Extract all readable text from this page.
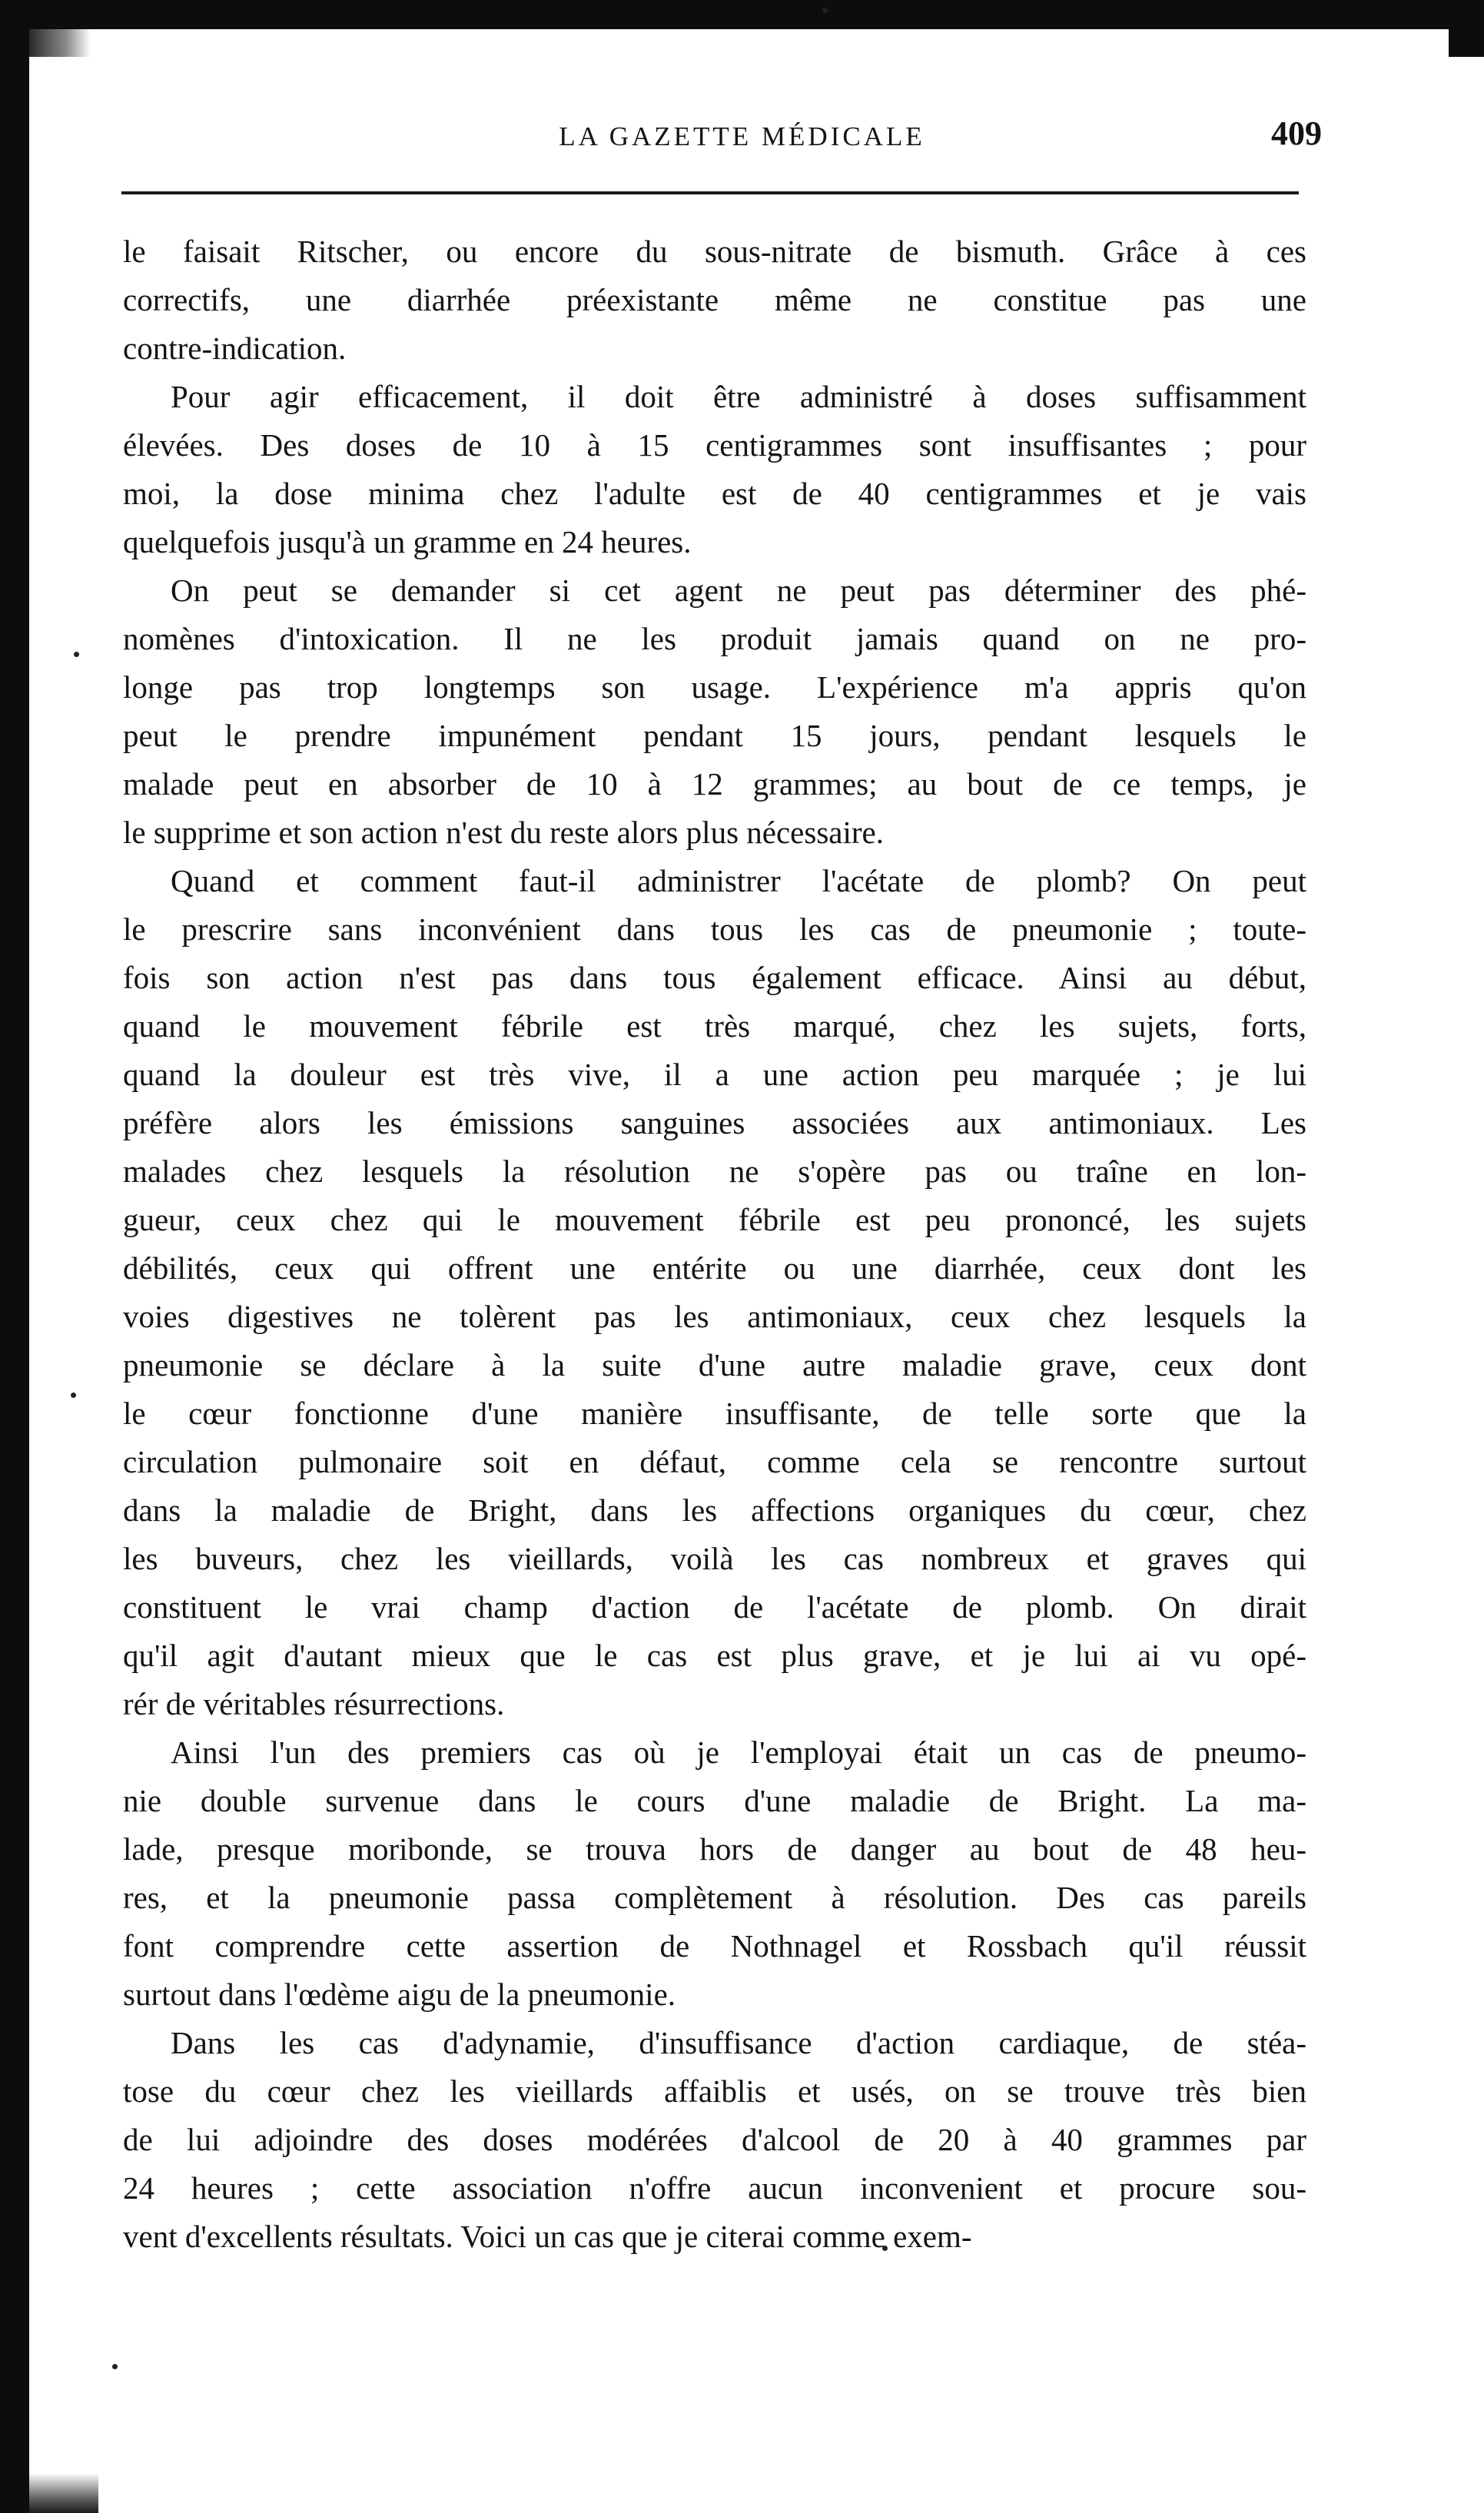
LA GAZETTE MÉDICALE	409
le faisait Ritscher, ou encore du sous-nitrate de bismuth. Grâce à ces
correctifs, une diarrhée préexistante même ne constitue pas une
contre-indication.
Pour agir efficacement, il doit être administré à doses suffisamment
élevées. Des doses de 10 à 15 centigrammes sont insuffisantes ; pour
moi, la dose minima chez l'adulte est de 40 centigrammes et je vais
quelquefois jusqu'à un gramme en 24 heures.
On peut se demander si cet agent ne peut pas déterminer des phé-
nomènes d'intoxication. Il ne les produit jamais quand on ne pro-
longe pas trop longtemps son usage. L'expérience m'a appris qu'on
peut le prendre impunément pendant 15 jours, pendant lesquels le
malade peut en absorber de 10 à 12 grammes; au bout de ce temps, je
le supprime et son action n'est du reste alors plus nécessaire.
Quand et comment faut-il administrer l'acétate de plomb? On peut
le prescrire sans inconvénient dans tous les cas de pneumonie ; toute-
fois son action n'est pas dans tous également efficace. Ainsi au début,
quand le mouvement fébrile est très marqué, chez les sujets, forts,
quand la douleur est très vive, il a une action peu marquée ; je lui
préfère alors les émissions sanguines associées aux antimoniaux. Les
malades chez lesquels la résolution ne s'opère pas ou traîne en lon-
gueur, ceux chez qui le mouvement fébrile est peu prononcé, les sujets
débilités, ceux qui offrent une entérite ou une diarrhée, ceux dont les
voies digestives ne tolèrent pas les antimoniaux, ceux chez lesquels la
pneumonie se déclare à la suite d'une autre maladie grave, ceux dont
le cœur fonctionne d'une manière insuffisante, de telle sorte que la
circulation pulmonaire soit en défaut, comme cela se rencontre surtout
dans la maladie de Bright, dans les affections organiques du cœur, chez
les buveurs, chez les vieillards, voilà les cas nombreux et graves qui
constituent le vrai champ d'action de l'acétate de plomb. On dirait
qu'il agit d'autant mieux que le cas est plus grave, et je lui ai vu opé-
rér de véritables résurrections.
Ainsi l'un des premiers cas où je l'employai était un cas de pneumo-
nie double survenue dans le cours d'une maladie de Bright. La ma-
lade, presque moribonde, se trouva hors de danger au bout de 48 heu-
res, et la pneumonie passa complètement à résolution. Des cas pareils
font comprendre cette assertion de Nothnagel et Rossbach qu'il réussit
surtout dans l'œdème aigu de la pneumonie.
Dans les cas d'adynamie, d'insuffisance d'action cardiaque, de stéa-
tose du cœur chez les vieillards affaiblis et usés, on se trouve très bien
de lui adjoindre des doses modérées d'alcool de 20 à 40 grammes par
24 heures ; cette association n'offre aucun inconvenient et procure sou-
vent d'excellents résultats. Voici un cas que je citerai comme exem-
